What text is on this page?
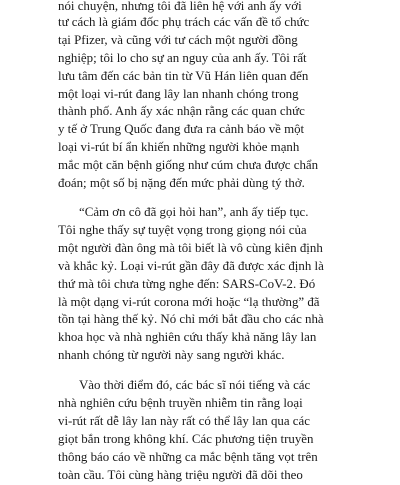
nói chuyện, nhưng tôi đã liên hệ với anh ấy với

tư cách là giám đốc phụ trách các vấn đề tổ chức

tại Pfizer, và cũng với tư cách một người đồng

nghiệp; tôi lo cho sự an nguy của anh ấy. Tôi rất

lưu tâm đến các bản tin từ Vũ Hán liên quan đến

một loại vi-rút đang lây lan nhanh chóng trong

thành phố. Anh ấy xác nhận rằng các quan chức

y tế ở Trung Quốc đang đưa ra cảnh báo về một

loại vi-rút bí ẩn khiến những người khỏe mạnh

mắc một căn bệnh giống như cúm chưa được chẩn

đoán; một số bị nặng đến mức phải dùng tý thở.

“Cảm ơn cô đã gọi hỏi han”, anh ấy tiếp tục.

Tôi nghe thấy sự tuyệt vọng trong giọng nói của

một người đàn ông mà tôi biết là vô cùng kiên định

và khắc kỷ. Loại vi-rút gần đây đã được xác định là

thứ mà tôi chưa từng nghe đến: SARS-CoV-2. Đó

là một dạng vi-rút corona mới hoặc “lạ thường” đã

tồn tại hàng thế kỷ. Nó chỉ mới bắt đầu cho các nhà

khoa học và nhà nghiên cứu thấy khả năng lây lan

nhanh chóng từ người này sang người khác.

Vào thời điểm đó, các bác sĩ nói tiếng và các

nhà nghiên cứu bệnh truyền nhiễm tin rằng loại

vi-rút rất dễ lây lan này rất có thể lây lan qua các

giọt bắn trong không khí. Các phương tiện truyền

thông báo cáo về những ca mắc bệnh tăng vọt trên

toàn cầu. Tôi cùng hàng triệu người đã dõi theo
